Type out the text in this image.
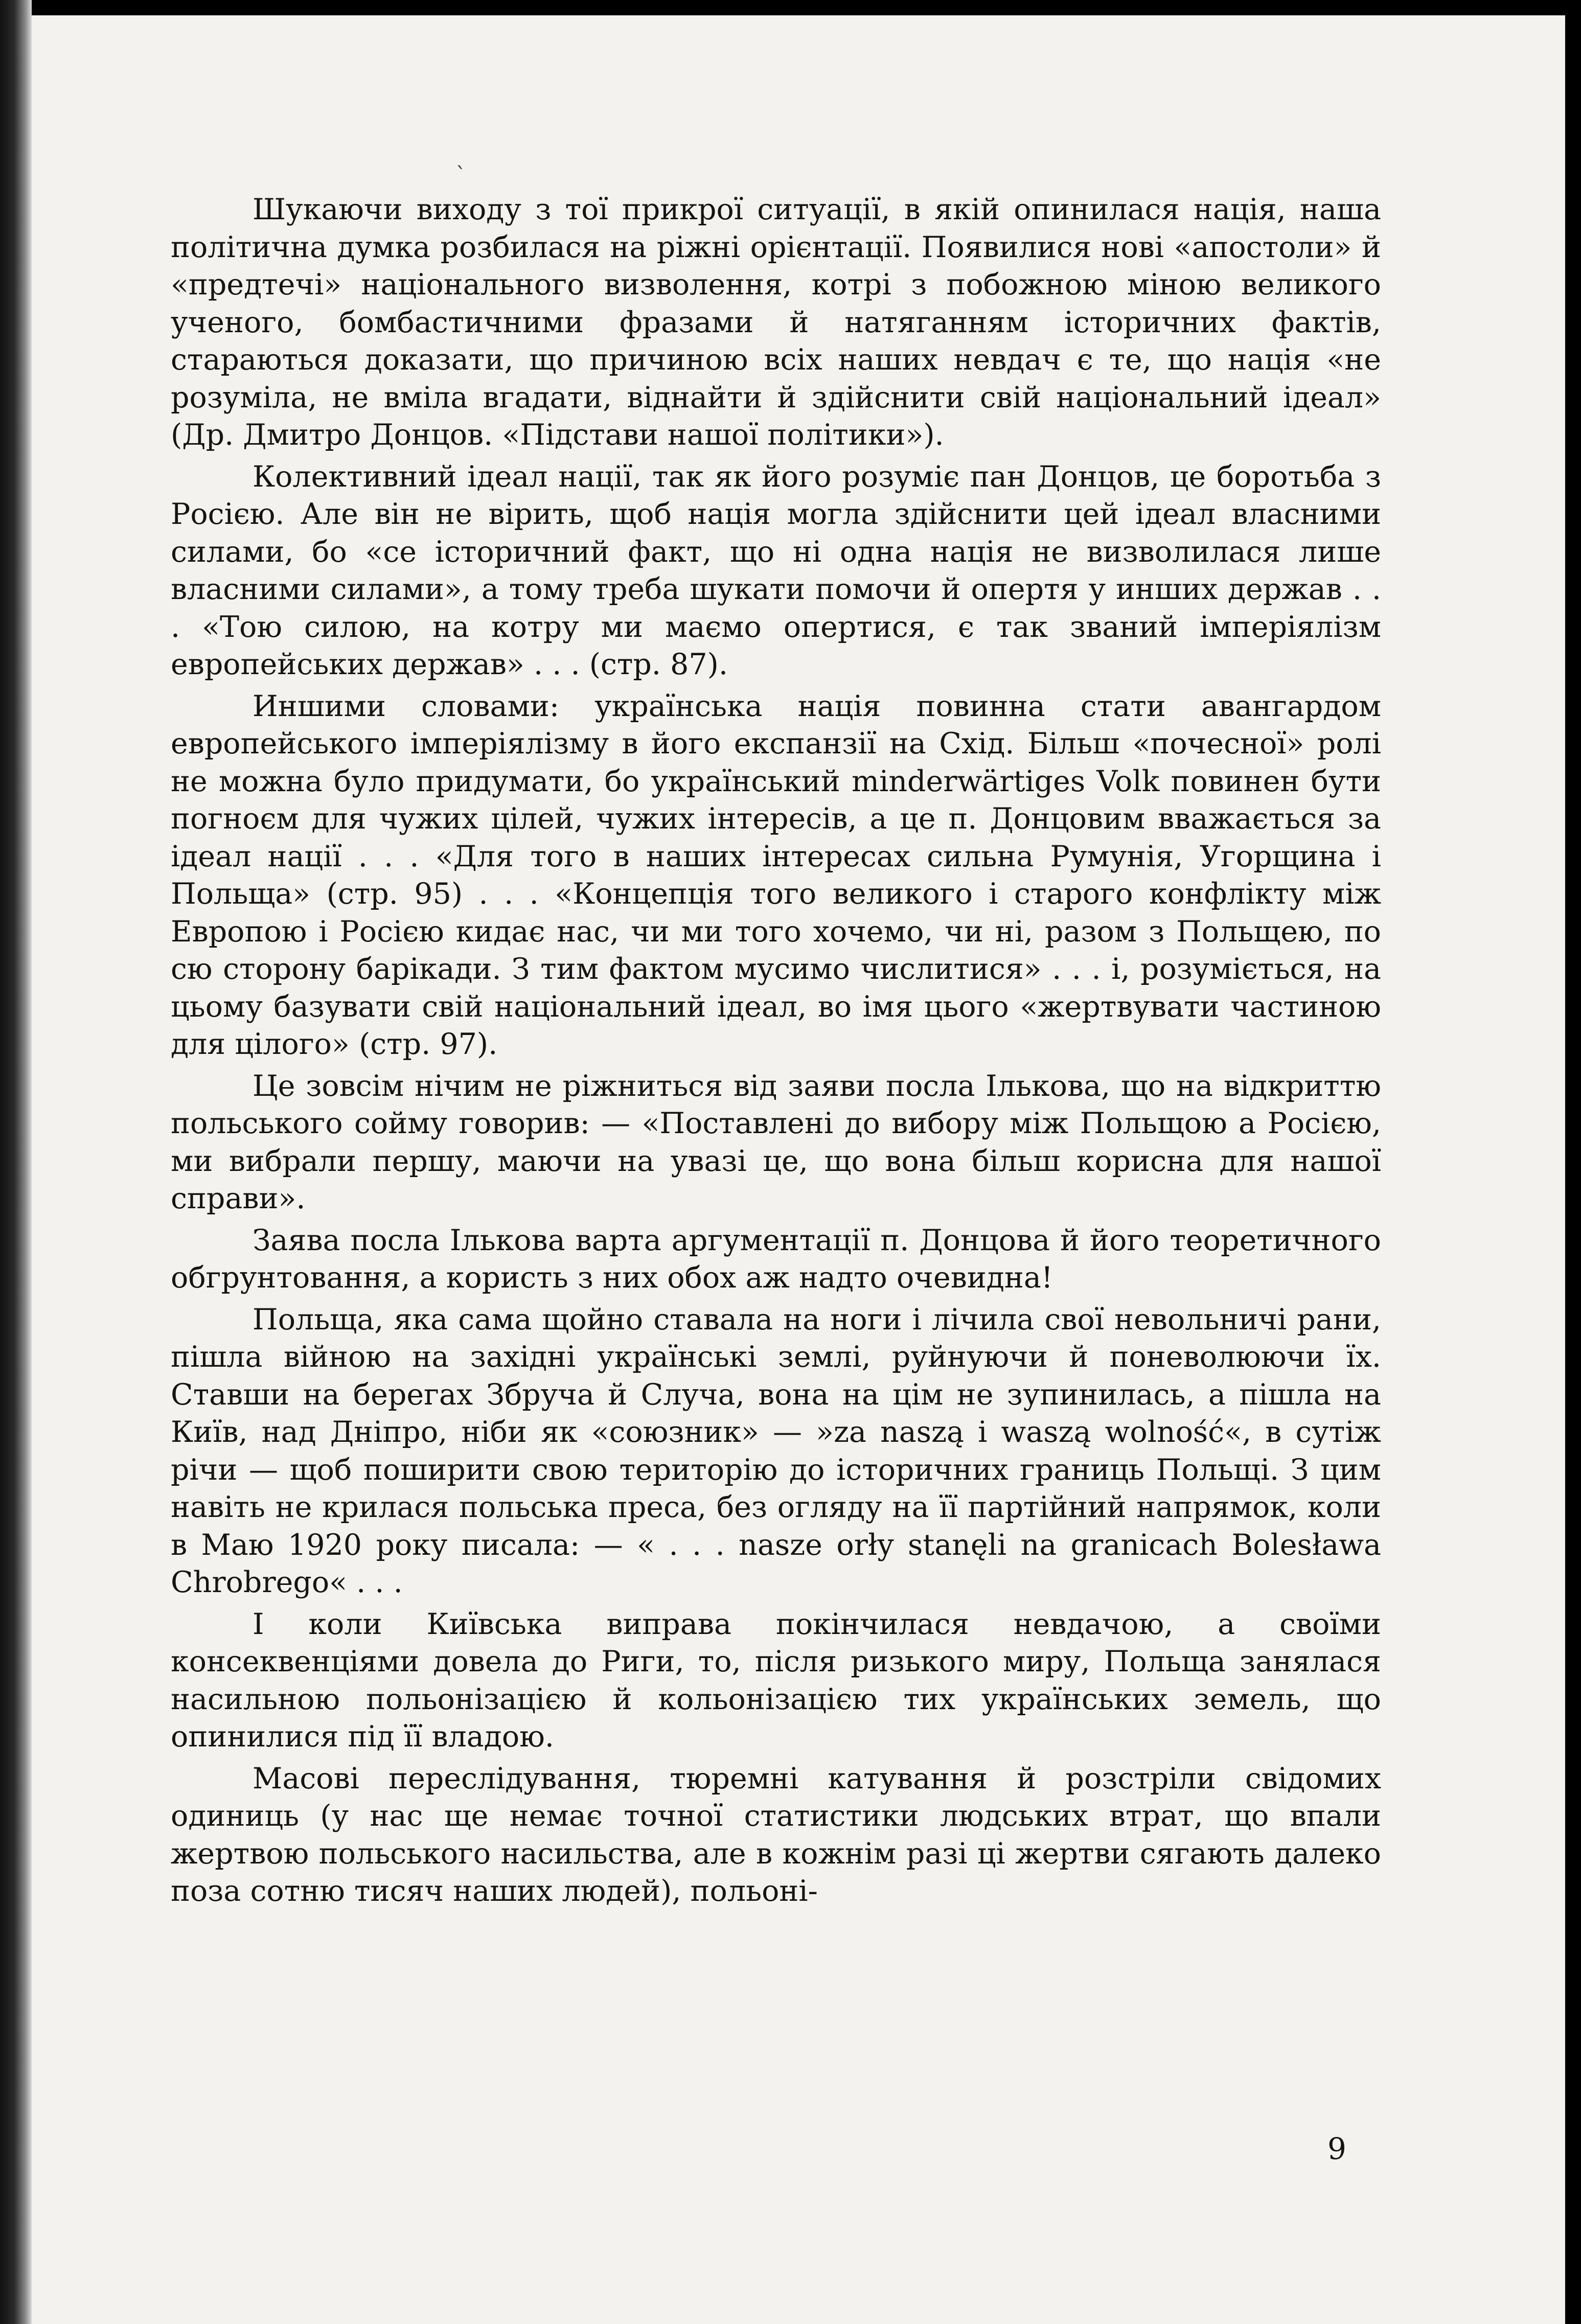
ˋ

Шукаючи виходу з тої прикрої ситуації, в якій опинилася нація, наша політична думка розбилася на ріжні орієнтації. Появилися нові «апостоли» й «предтечі» національного визволення, котрі з побожною міною великого ученого, бомбастичними фразами й натяганням історичних фактів, стараються доказати, що причиною всіх наших невдач є те, що нація «не розуміла, не вміла вгадати, віднайти й здійснити свій національний ідеал» (Др. Дмитро Донцов. «Підстави нашої політики»).

Колективний ідеал нації, так як його розуміє пан Донцов, це боротьба з Росією. Але він не вірить, щоб нація могла здійснити цей ідеал власними силами, бо «се історичний факт, що ні одна нація не визволилася лише власними силами», а тому треба шукати помочи й опертя у инших держав . . . «Тою силою, на котру ми маємо опертися, є так званий імперіялізм европейських держав» . . . (стр. 87).

Иншими словами: українська нація повинна стати авангардом европейського імперіялізму в його експанзії на Схід. Більш «почесної» ролі не можна було придумати, бо український minderwärtiges Volk повинен бути погноєм для чужих цілей, чужих інтересів, а це п. Донцовим вважається за ідеал нації . . . «Для того в наших інтересах сильна Румунія, Угорщина і Польща» (стр. 95) . . . «Концепція того великого і старого конфлікту між Европою і Росією кидає нас, чи ми того хочемо, чи ні, разом з Польщею, по сю сторону барікади. З тим фактом мусимо числитися» . . . і, розуміється, на цьому базувати свій національний ідеал, во імя цього «жертвувати частиною для цілого» (стр. 97).

Це зовсім нічим не ріжниться від заяви посла Ількова, що на відкриттю польського сойму говорив: — «Поставлені до вибору між Польщою а Росією, ми вибрали першу, маючи на увазі це, що вона більш корисна для нашої справи».

Заява посла Ількова варта аргументації п. Донцова й його теоретичного обгрунтовання, а користь з них обох аж надто очевидна!

Польща, яка сама щойно ставала на ноги і лічила свої невольничі рани, пішла війною на західні українські землі, руйнуючи й поневолюючи їх. Ставши на берегах Збруча й Случа, вона на цім не зупинилась, а пішла на Київ, над Дніпро, ніби як «союзник» — »za naszą i waszą wolność«, в сутіж річи — щоб поширити свою територію до історичних границь Польщі. З цим навіть не крилася польська преса, без огляду на її партійний напрямок, коли в Маю 1920 року писала: — « . . . nasze orły stanęli na granicach Bolesława Chrobrego« . . .

І коли Київська виправа покінчилася невдачою, а своїми консеквенціями довела до Риги, то, після ризького миру, Польща занялася насильною польонізацією й кольонізацією тих українських земель, що опинилися під її владою.

Масові переслідування, тюремні катування й розстріли свідомих одиниць (у нас ще немає точної статистики людських втрат, що впали жертвою польського насильства, але в кожнім разі ці жертви сягають далеко поза сотню тисяч наших людей), польоні-

9
